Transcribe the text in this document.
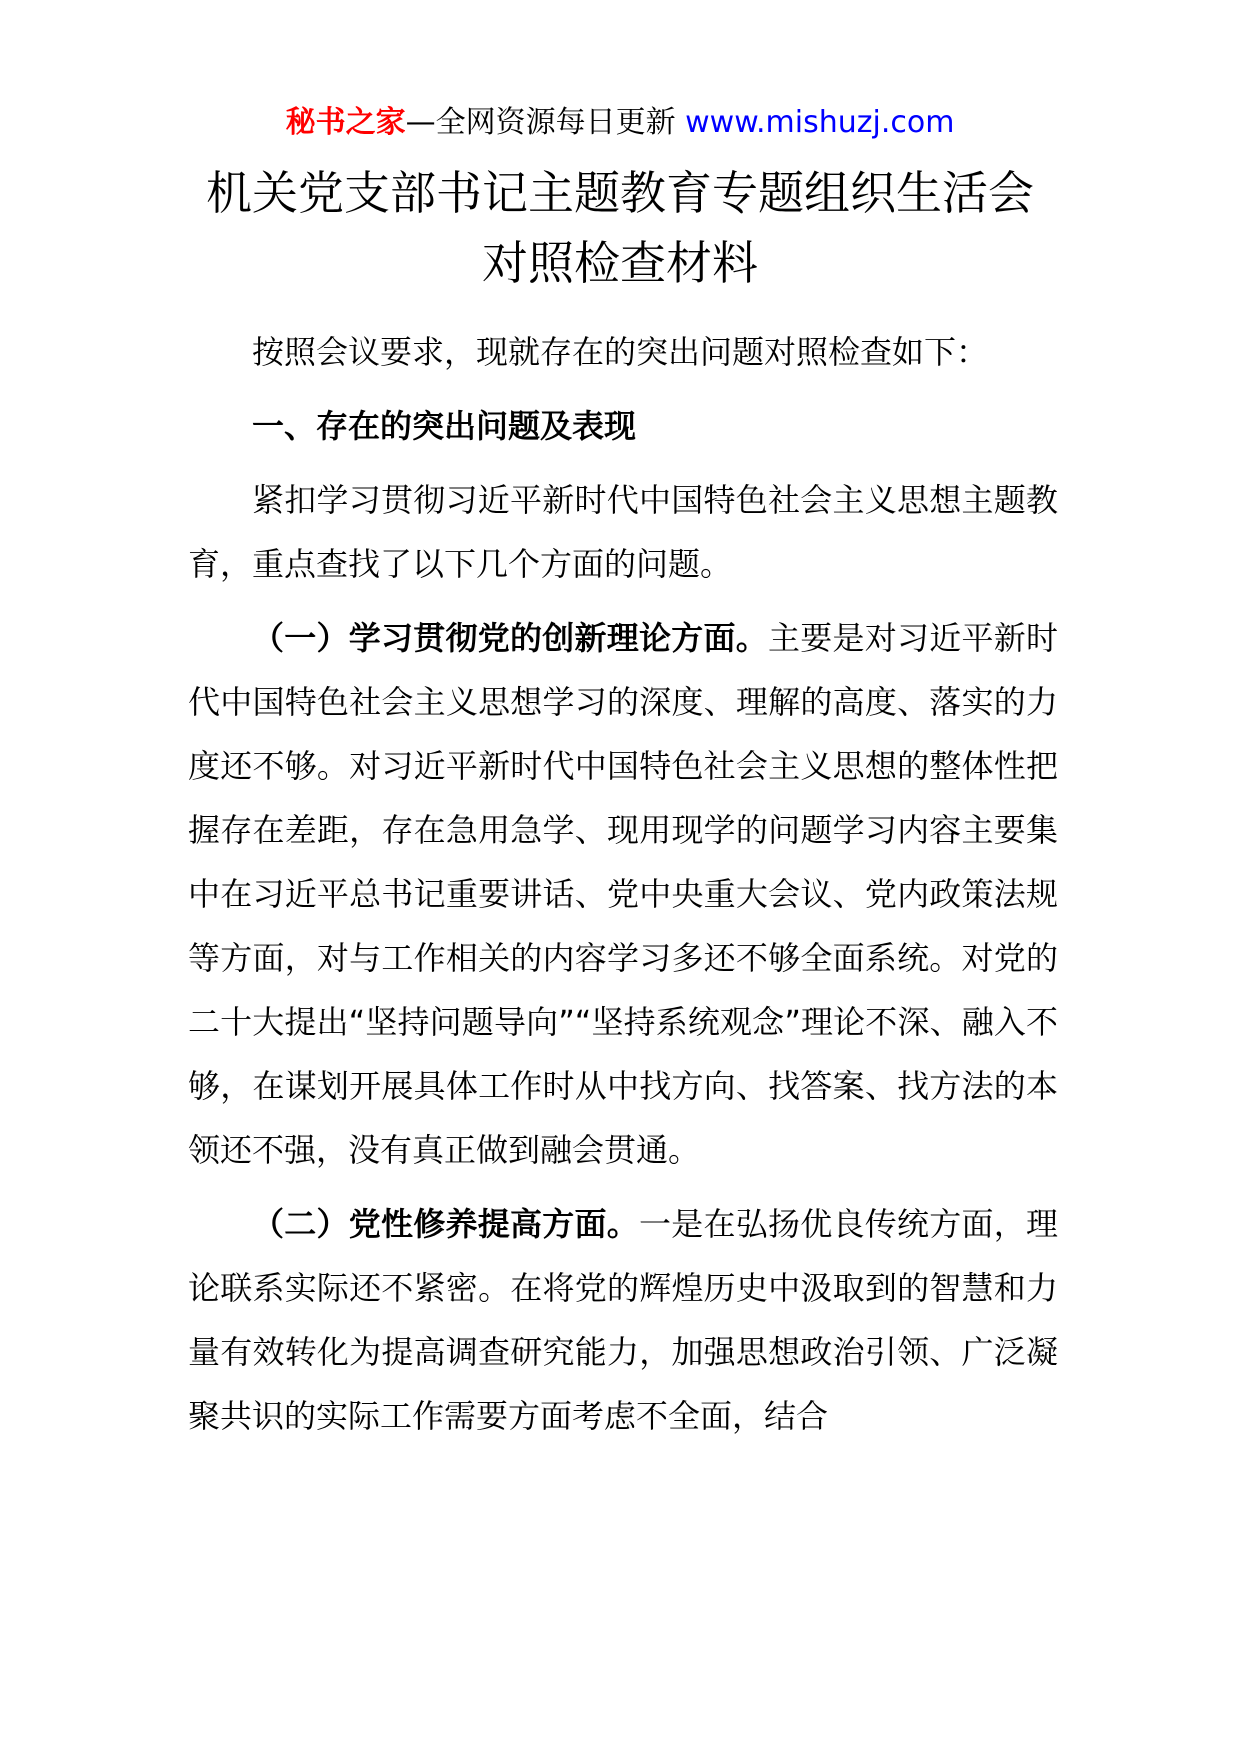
秘书之家—全网资源每日更新 www.mishuzj.com
机关党支部书记主题教育专题组织生活会
对照检查材料

按照会议要求，现就存在的突出问题对照检查如下：

一、存在的突出问题及表现

紧扣学习贯彻习近平新时代中国特色社会主义思想主题教育，重点查找了以下几个方面的问题。

（一）学习贯彻党的创新理论方面。主要是对习近平新时代中国特色社会主义思想学习的深度、理解的高度、落实的力度还不够。对习近平新时代中国特色社会主义思想的整体性把握存在差距，存在急用急学、现用现学的问题学习内容主要集中在习近平总书记重要讲话、党中央重大会议、党内政策法规等方面，对与工作相关的内容学习多还不够全面系统。对党的二十大提出“坚持问题导向”“坚持系统观念”理论不深、融入不够，在谋划开展具体工作时从中找方向、找答案、找方法的本领还不强，没有真正做到融会贯通。

（二）党性修养提高方面。一是在弘扬优良传统方面，理论联系实际还不紧密。在将党的辉煌历史中汲取到的智慧和力量有效转化为提高调查研究能力，加强思想政治引领、广泛凝聚共识的实际工作需要方面考虑不全面，结合
